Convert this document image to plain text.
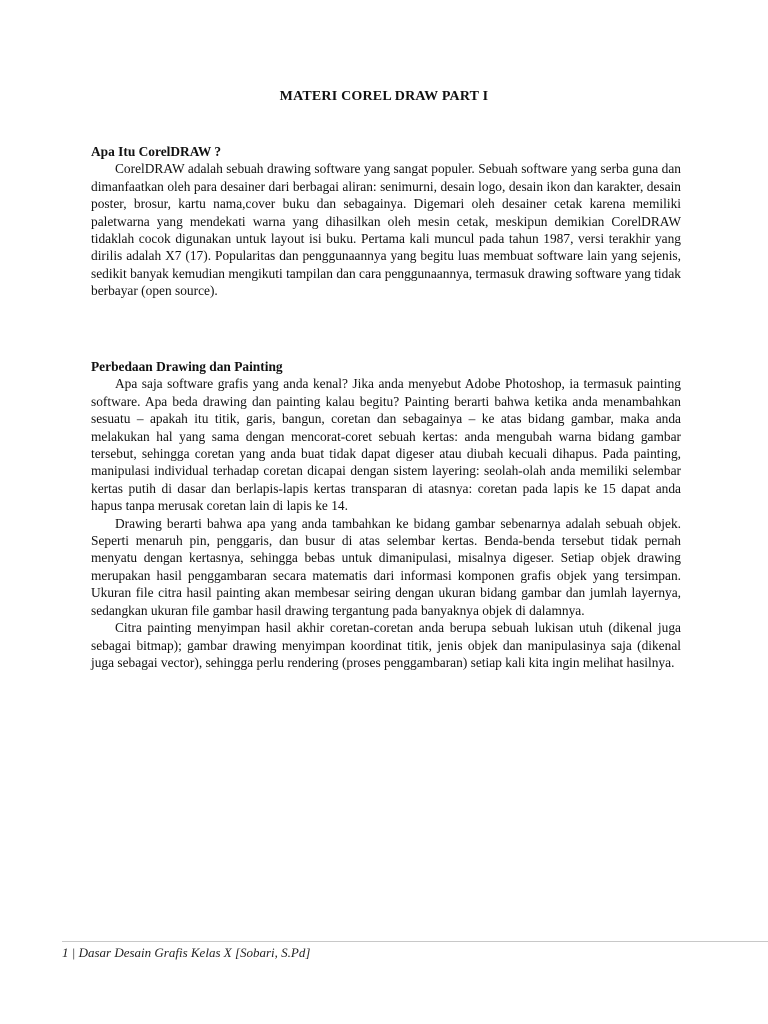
MATERI COREL DRAW PART I

Apa Itu CorelDRAW ?

CorelDRAW adalah sebuah drawing software yang sangat populer. Sebuah software yang serba guna dan dimanfaatkan oleh para desainer dari berbagai aliran: senimurni, desain logo, desain ikon dan karakter, desain poster, brosur, kartu nama,cover buku dan sebagainya. Digemari oleh desainer cetak karena memiliki paletwarna yang mendekati warna yang dihasilkan oleh mesin cetak, meskipun demikian CorelDRAW tidaklah cocok digunakan untuk layout isi buku. Pertama kali muncul pada tahun 1987, versi terakhir yang dirilis adalah X7 (17). Popularitas dan penggunaannya yang begitu luas membuat software lain yang sejenis, sedikit banyak kemudian mengikuti tampilan dan cara penggunaannya, termasuk drawing software yang tidak berbayar (open source).

Perbedaan Drawing dan Painting

Apa saja software grafis yang anda kenal? Jika anda menyebut Adobe Photoshop, ia termasuk painting software. Apa beda drawing dan painting kalau begitu? Painting berarti bahwa ketika anda menambahkan sesuatu – apakah itu titik, garis, bangun, coretan dan sebagainya – ke atas bidang gambar, maka anda melakukan hal yang sama dengan mencorat-coret sebuah kertas: anda mengubah warna bidang gambar tersebut, sehingga coretan yang anda buat tidak dapat digeser atau diubah kecuali dihapus. Pada painting, manipulasi individual terhadap coretan dicapai dengan sistem layering: seolah-olah anda memiliki selembar kertas putih di dasar dan berlapis-lapis kertas transparan di atasnya: coretan pada lapis ke 15 dapat anda hapus tanpa merusak coretan lain di lapis ke 14.

Drawing berarti bahwa apa yang anda tambahkan ke bidang gambar sebenarnya adalah sebuah objek. Seperti menaruh pin, penggaris, dan busur di atas selembar kertas. Benda-benda tersebut tidak pernah menyatu dengan kertasnya, sehingga bebas untuk dimanipulasi, misalnya digeser. Setiap objek drawing merupakan hasil penggambaran secara matematis dari informasi komponen grafis objek yang tersimpan. Ukuran file citra hasil painting akan membesar seiring dengan ukuran bidang gambar dan jumlah layernya, sedangkan ukuran file gambar hasil drawing tergantung pada banyaknya objek di dalamnya.

Citra painting menyimpan hasil akhir coretan-coretan anda berupa sebuah lukisan utuh (dikenal juga sebagai bitmap); gambar drawing menyimpan koordinat titik, jenis objek dan manipulasinya saja (dikenal juga sebagai vector), sehingga perlu rendering (proses penggambaran) setiap kali kita ingin melihat hasilnya.

1 | Dasar Desain Grafis Kelas X [Sobari, S.Pd]
